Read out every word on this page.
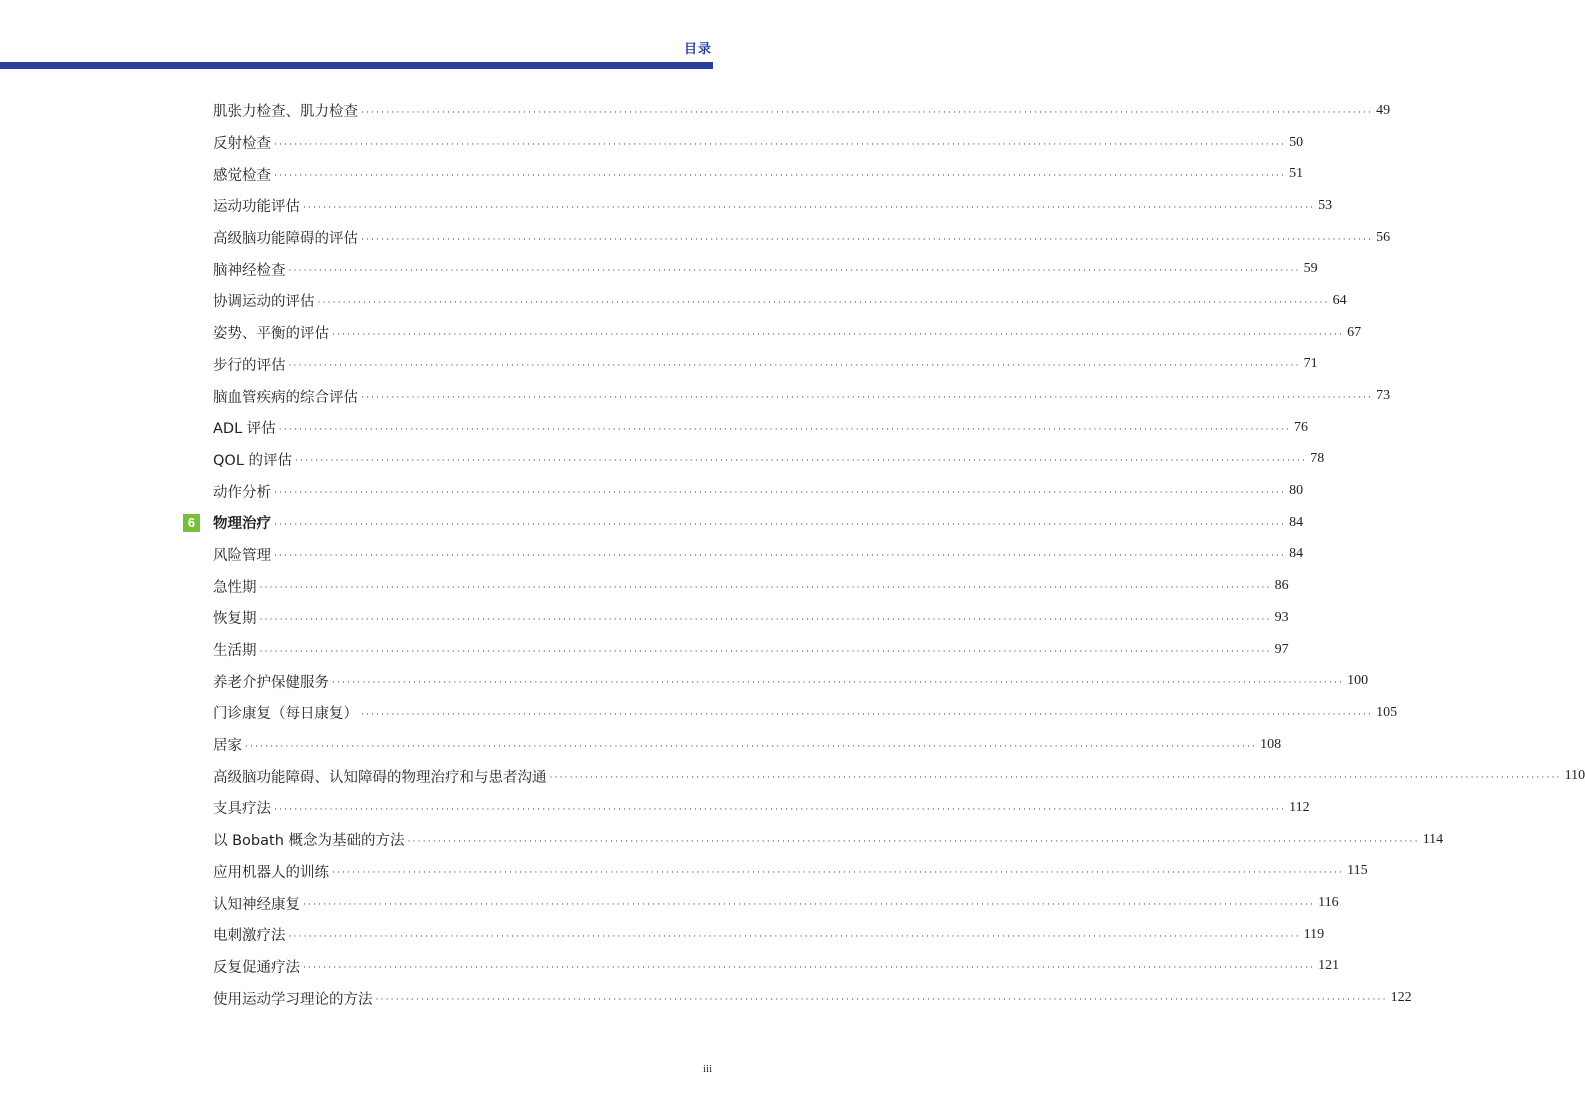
目录
肌张力检查、肌力检查 ········································································································································································································ 49
反射检查 ········································································································································································································ 50
感觉检查 ········································································································································································································ 51
运动功能评估 ········································································································································································································ 53
高级脑功能障碍的评估 ········································································································································································································ 56
脑神经检查 ········································································································································································································ 59
协调运动的评估 ········································································································································································································ 64
姿势、平衡的评估 ········································································································································································································ 67
步行的评估 ········································································································································································································ 71
脑血管疾病的综合评估 ········································································································································································································ 73
ADL 评估 ········································································································································································································ 76
QOL 的评估 ········································································································································································································ 78
动作分析 ········································································································································································································ 80
6	物理治疗 ········································································································································································································ 84
风险管理 ········································································································································································································ 84
急性期 ········································································································································································································ 86
恢复期 ········································································································································································································ 93
生活期 ········································································································································································································ 97
养老介护保健服务 ········································································································································································································ 100
门诊康复（每日康复） ········································································································································································································ 105
居家 ········································································································································································································ 108
高级脑功能障碍、认知障碍的物理治疗和与患者沟通 ········································································································································································································ 110
支具疗法 ········································································································································································································ 112
以 Bobath 概念为基础的方法 ········································································································································································································ 114
应用机器人的训练 ········································································································································································································ 115
认知神经康复 ········································································································································································································ 116
电刺激疗法 ········································································································································································································ 119
反复促通疗法 ········································································································································································································ 121
使用运动学习理论的方法 ········································································································································································································ 122
iii
